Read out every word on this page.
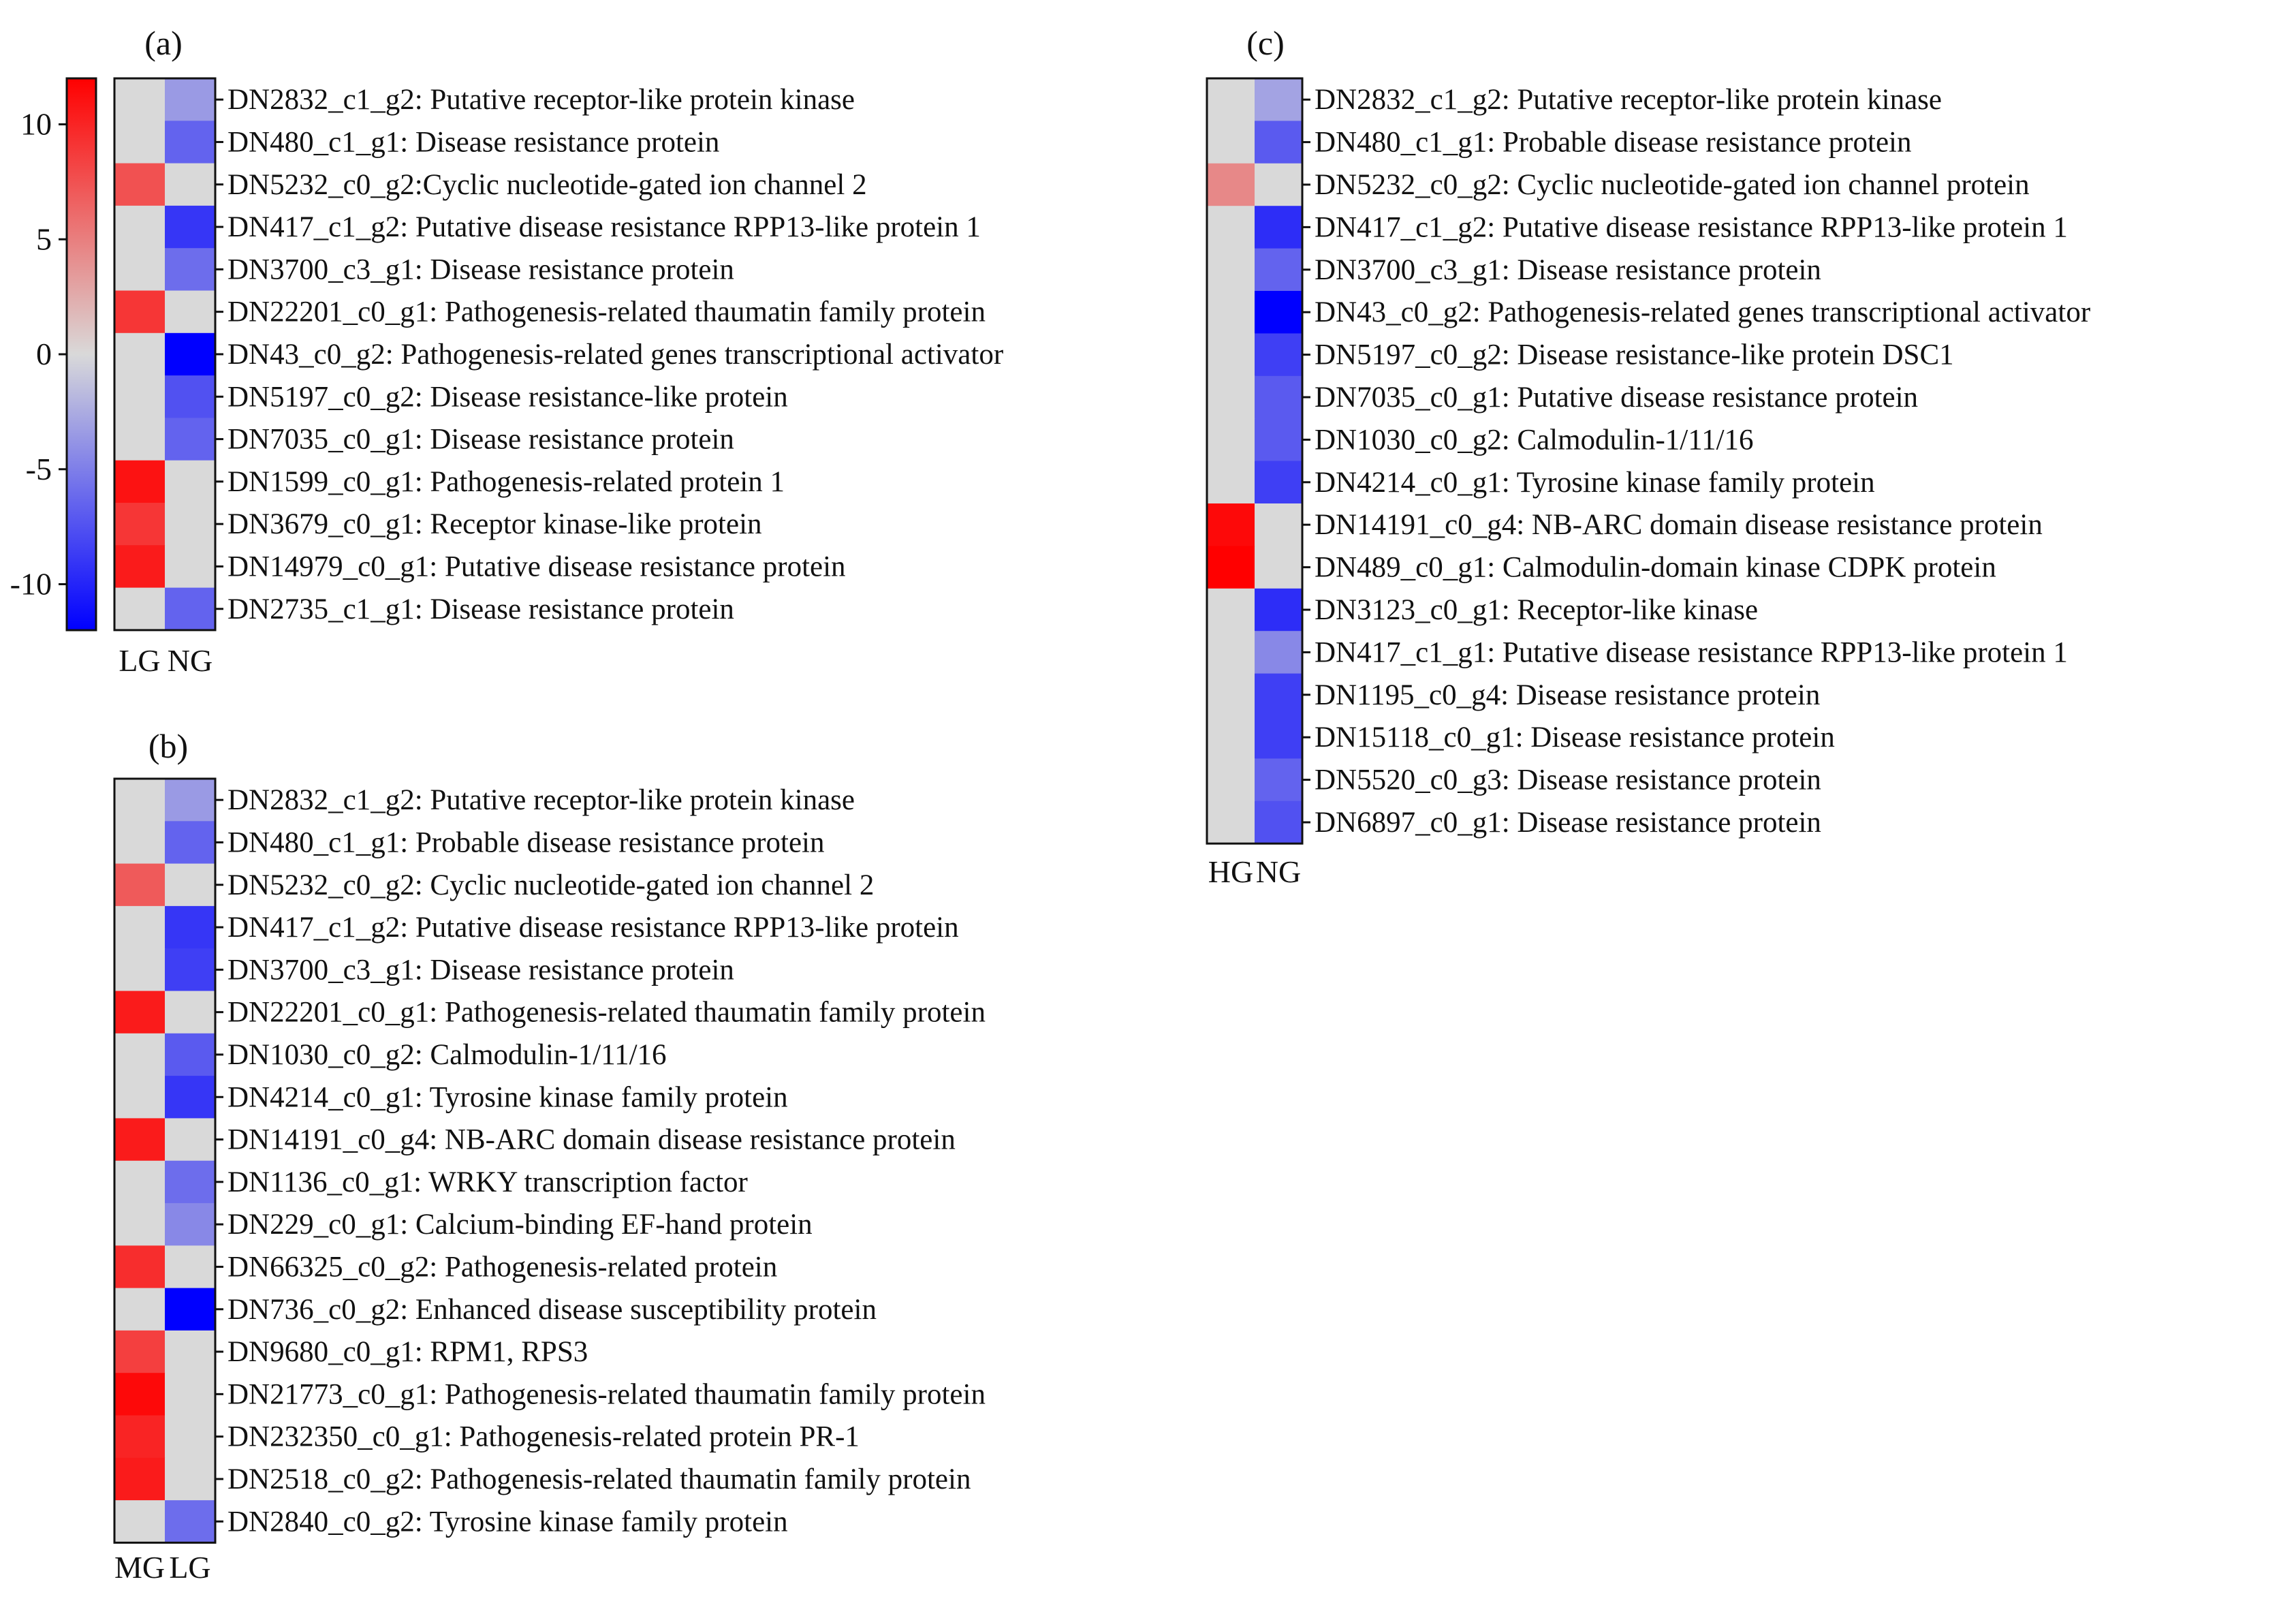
10
5
0
-5
-10
(a)
DN2832_c1_g2: Putative receptor-like protein kinase
DN480_c1_g1: Disease resistance protein
DN5232_c0_g2:Cyclic nucleotide-gated ion channel 2
DN417_c1_g2: Putative disease resistance RPP13-like protein 1
DN3700_c3_g1: Disease resistance protein
DN22201_c0_g1: Pathogenesis-related thaumatin family protein
DN43_c0_g2: Pathogenesis-related genes transcriptional activator
DN5197_c0_g2: Disease resistance-like protein
DN7035_c0_g1: Disease resistance protein
DN1599_c0_g1: Pathogenesis-related protein 1
DN3679_c0_g1: Receptor kinase-like protein
DN14979_c0_g1: Putative disease resistance protein
DN2735_c1_g1: Disease resistance protein
LG NG
(b)
DN2832_c1_g2: Putative receptor-like protein kinase
DN480_c1_g1: Probable disease resistance protein
DN5232_c0_g2: Cyclic nucleotide-gated ion channel 2
DN417_c1_g2: Putative disease resistance RPP13-like protein
DN3700_c3_g1: Disease resistance protein
DN22201_c0_g1: Pathogenesis-related thaumatin family protein
DN1030_c0_g2: Calmodulin-1/11/16
DN4214_c0_g1: Tyrosine kinase family protein
DN14191_c0_g4: NB-ARC domain disease resistance protein
DN1136_c0_g1: WRKY transcription factor
DN229_c0_g1: Calcium-binding EF-hand protein
DN66325_c0_g2: Pathogenesis-related protein
DN736_c0_g2: Enhanced disease susceptibility protein
DN9680_c0_g1: RPM1, RPS3
DN21773_c0_g1: Pathogenesis-related thaumatin family protein
DN232350_c0_g1: Pathogenesis-related protein PR-1
DN2518_c0_g2: Pathogenesis-related thaumatin family protein
DN2840_c0_g2: Tyrosine kinase family protein
MG LG
(c)
DN2832_c1_g2: Putative receptor-like protein kinase
DN480_c1_g1: Probable disease resistance protein
DN5232_c0_g2: Cyclic nucleotide-gated ion channel protein
DN417_c1_g2: Putative disease resistance RPP13-like protein 1
DN3700_c3_g1: Disease resistance protein
DN43_c0_g2: Pathogenesis-related genes transcriptional activator
DN5197_c0_g2: Disease resistance-like protein DSC1
DN7035_c0_g1: Putative disease resistance protein
DN1030_c0_g2: Calmodulin-1/11/16
DN4214_c0_g1: Tyrosine kinase family protein
DN14191_c0_g4: NB-ARC domain disease resistance protein
DN489_c0_g1: Calmodulin-domain kinase CDPK protein
DN3123_c0_g1: Receptor-like kinase
DN417_c1_g1: Putative disease resistance RPP13-like protein 1
DN1195_c0_g4: Disease resistance protein
DN15118_c0_g1: Disease resistance protein
DN5520_c0_g3: Disease resistance protein
DN6897_c0_g1: Disease resistance protein
HG NG
